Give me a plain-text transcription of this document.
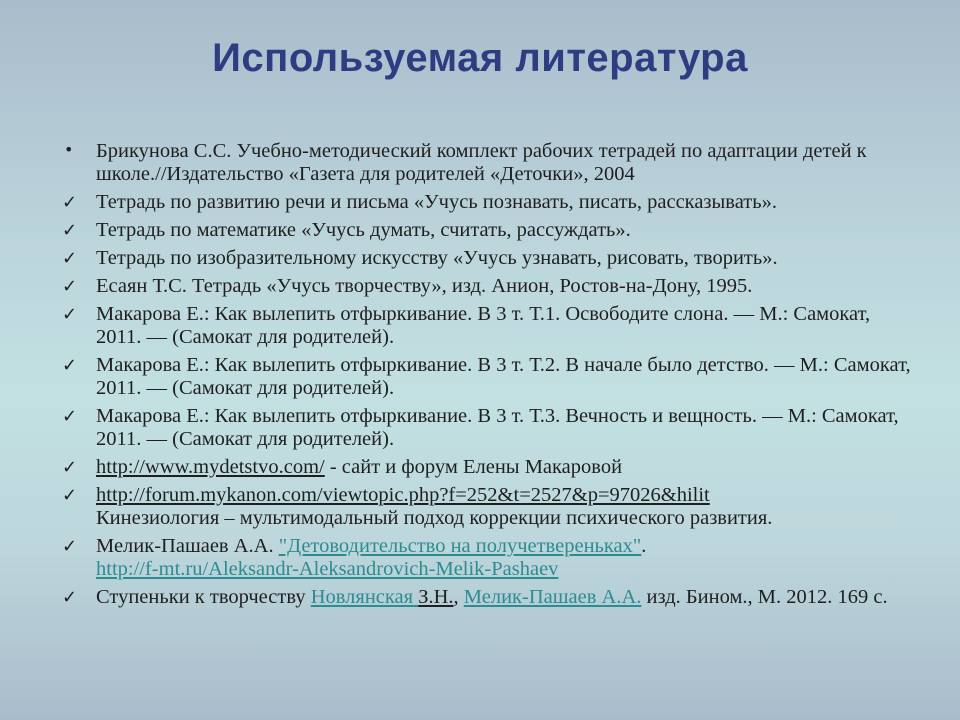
Используемая литература
•	Брикунова С.С. Учебно-методический комплект рабочих тетрадей по адаптации детей к школе.//Издательство «Газета для родителей «Деточки», 2004
✓ Тетрадь по развитию речи и письма «Учусь познавать, писать, рассказывать».
✓ Тетрадь по математике «Учусь думать, считать, рассуждать».
✓ Тетрадь по изобразительному искусству «Учусь узнавать, рисовать, творить».
✓ Есаян Т.С. Тетрадь «Учусь творчеству», изд. Анион, Ростов-на-Дону, 1995.
✓ Макарова Е.: Как вылепить отфыркивание. В 3 т. Т.1. Освободите слона. — М.: Самокат, 2011. — (Самокат для родителей).
✓ Макарова Е.: Как вылепить отфыркивание. В 3 т. Т.2. В начале было детство. — М.: Самокат, 2011. — (Самокат для родителей).
✓ Макарова Е.: Как вылепить отфыркивание. В 3 т. Т.3. Вечность и вещность. — М.: Самокат, 2011. — (Самокат для родителей).
✓ http://www.mydetstvo.com/ - сайт и форум Елены Макаровой
✓ http://forum.mykanon.com/viewtopic.php?f=252&t=2527&p=97026&hilit
Кинезиология – мультимодальный подход коррекции психического развития.
✓ Мелик-Пашаев А.А. "Детоводительство на получетвереньках".
http://f-mt.ru/Aleksandr-Aleksandrovich-Melik-Pashaev
✓ Ступеньки к творчеству Новлянская З.Н., Мелик-Пашаев А.А. изд. Бином., М. 2012. 169 с.
